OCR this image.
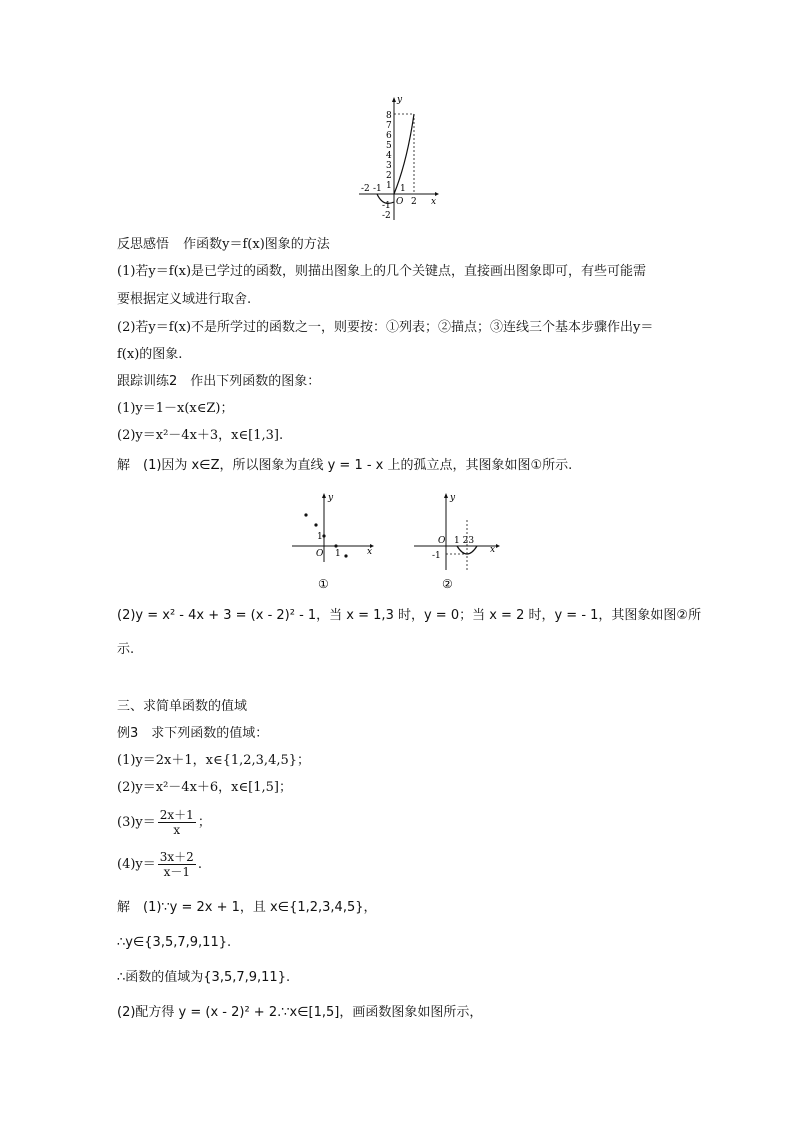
y
x
O
8
7
6
5
4
3
2
1
-1
-2
-2 -1 1
2
反思感悟 作函数y＝f(x)图象的方法
(1)若y＝f(x)是已学过的函数，则描出图象上的几个关键点，直接画出图象即可，有些可能需
要根据定义域进行取舍.
(2)若y＝f(x)不是所学过的函数之一，则要按：①列表；②描点；③连线三个基本步骤作出y＝
f(x)的图象.
跟踪训练2　作出下列函数的图象：
(1)y＝1－x(x∈Z)；
(2)y＝x²－4x＋3，x∈[1,3].
解　(1)因为 x∈Z，所以图象为直线 y = 1 - x 上的孤立点，其图象如图①所示.
y
x
O 1
1
①
y
x
O 1 23
-1
②
(2)y = x² - 4x + 3 = (x - 2)² - 1，当 x = 1,3 时，y = 0；当 x = 2 时，y = - 1，其图象如图②所
示.
三、求简单函数的值域
例3　求下列函数的值域：
(1)y＝2x＋1，x∈{1,2,3,4,5}；
(2)y＝x²－4x＋6，x∈[1,5]；
$(3)y= \frac{2x+1}{x}$ ；
$(4)y= \frac{3x+2}{x-1}$ .
解　(1)∵y = 2x + 1，且 x∈{1,2,3,4,5}，
∴y∈{3,5,7,9,11}.
∴函数的值域为{3,5,7,9,11}.
(2)配方得 y = (x - 2)² + 2.∵x∈[1,5]，画函数图象如图所示，
